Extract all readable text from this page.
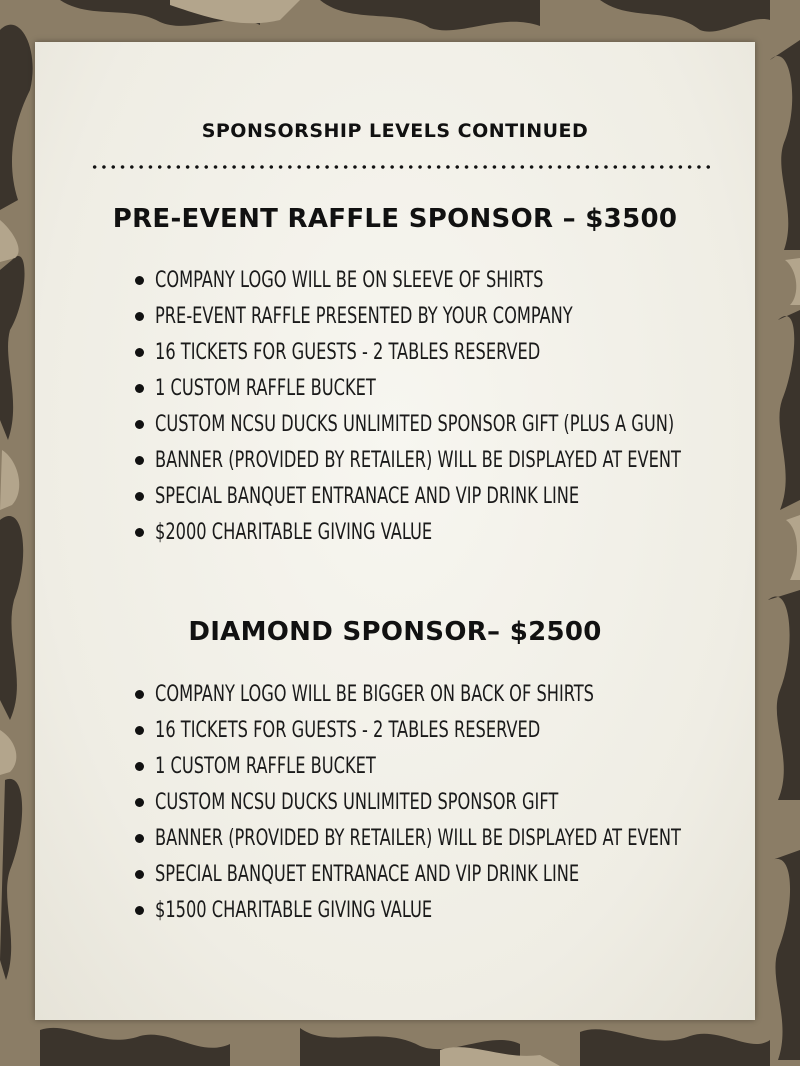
SPONSORSHIP LEVELS CONTINUED
PRE-EVENT RAFFLE SPONSOR – $3500
COMPANY LOGO WILL BE ON SLEEVE OF SHIRTS
PRE-EVENT RAFFLE PRESENTED BY YOUR COMPANY
16 TICKETS FOR GUESTS - 2 TABLES RESERVED
1 CUSTOM RAFFLE BUCKET
CUSTOM NCSU DUCKS UNLIMITED SPONSOR GIFT (PLUS A GUN)
BANNER (PROVIDED BY RETAILER) WILL BE DISPLAYED AT EVENT
SPECIAL BANQUET ENTRANACE AND VIP DRINK LINE
$2000 CHARITABLE GIVING VALUE
DIAMOND SPONSOR– $2500
COMPANY LOGO WILL BE BIGGER ON BACK OF SHIRTS
16 TICKETS FOR GUESTS - 2 TABLES RESERVED
1 CUSTOM RAFFLE BUCKET
CUSTOM NCSU DUCKS UNLIMITED SPONSOR GIFT
BANNER (PROVIDED BY RETAILER) WILL BE DISPLAYED AT EVENT
SPECIAL BANQUET ENTRANACE AND VIP DRINK LINE
$1500 CHARITABLE GIVING VALUE
